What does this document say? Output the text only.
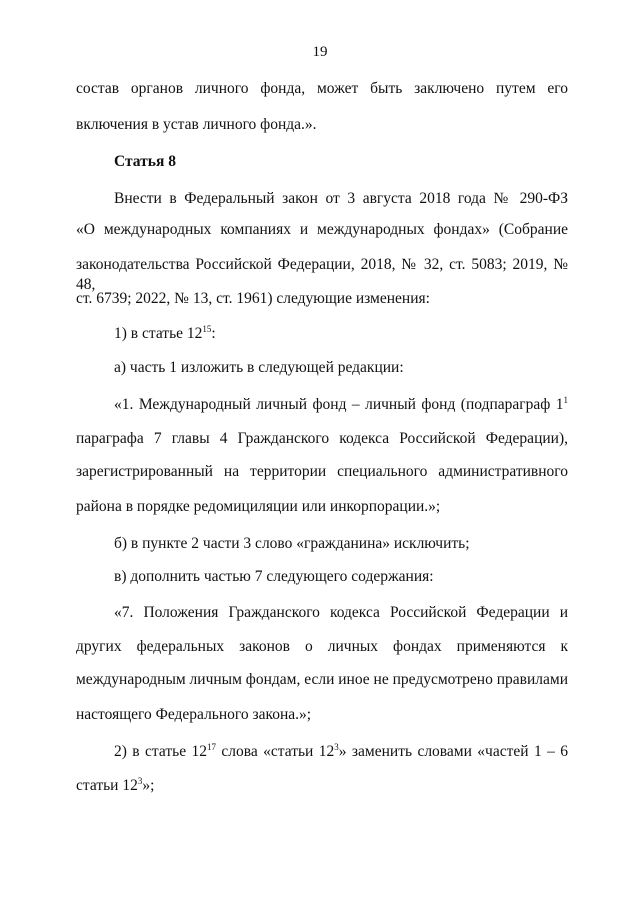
19
состав органов личного фонда, может быть заключено путем его
включения в устав личного фонда.».
Статья 8
Внести в Федеральный закон от 3 августа 2018 года № 290-ФЗ
«О международных компаниях и международных фондах» (Собрание
законодательства Российской Федерации, 2018, № 32, ст. 5083; 2019, № 48,
ст. 6739; 2022, № 13, ст. 1961) следующие изменения:
1) в статье $12^{15}$:
а) часть 1 изложить в следующей редакции:
«1. Международный личный фонд – личный фонд (подпараграф $1^1$
параграфа 7 главы 4 Гражданского кодекса Российской Федерации),
зарегистрированный на территории специального административного
района в порядке редомициляции или инкорпорации.»;
б) в пункте 2 части 3 слово «гражданина» исключить;
в) дополнить частью 7 следующего содержания:
«7. Положения Гражданского кодекса Российской Федерации и
других федеральных законов о личных фондах применяются к
международным личным фондам, если иное не предусмотрено правилами
настоящего Федерального закона.»;
2) в статье $12^{17}$ слова «статьи $12^3$» заменить словами «частей 1 – 6
статьи $12^3$»;
